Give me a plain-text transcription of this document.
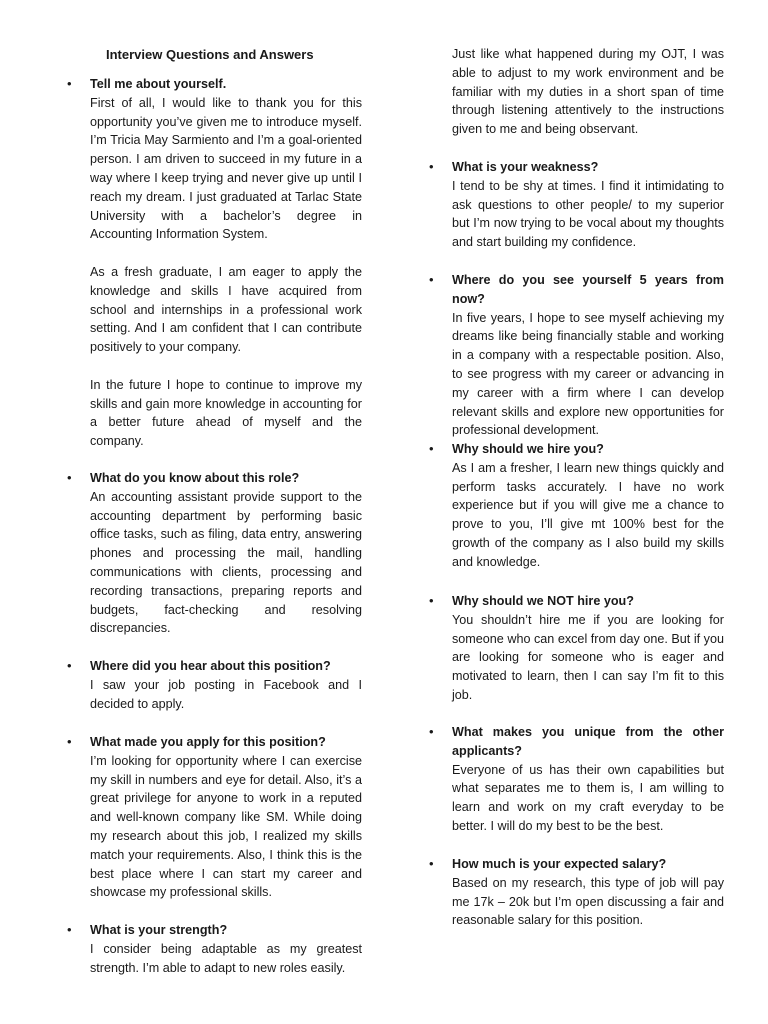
Interview Questions and Answers
• Tell me about yourself.
First of all, I would like to thank you for this opportunity you’ve given me to introduce myself. I’m Tricia May Sarmiento and I’m a goal-oriented person. I am driven to succeed in my future in a way where I keep trying and never give up until I reach my dream. I just graduated at Tarlac State University with a bachelor’s degree in Accounting Information System.
As a fresh graduate, I am eager to apply the knowledge and skills I have acquired from school and internships in a professional work setting. And I am confident that I can contribute positively to your company.
In the future I hope to continue to improve my skills and gain more knowledge in accounting for a better future ahead of myself and the company.
• What do you know about this role?
An accounting assistant provide support to the accounting department by performing basic office tasks, such as filing, data entry, answering phones and processing the mail, handling communications with clients, processing and recording transactions, preparing reports and budgets, fact-checking and resolving discrepancies.
• Where did you hear about this position?
I saw your job posting in Facebook and I decided to apply.
• What made you apply for this position?
I’m looking for opportunity where I can exercise my skill in numbers and eye for detail. Also, it’s a great privilege for anyone to work in a reputed and well-known company like SM. While doing my research about this job, I realized my skills match your requirements. Also, I think this is the best place where I can start my career and showcase my professional skills.
• What is your strength?
I consider being adaptable as my greatest strength. I’m able to adapt to new roles easily.
Just like what happened during my OJT, I was able to adjust to my work environment and be familiar with my duties in a short span of time through listening attentively to the instructions given to me and being observant.
• What is your weakness?
I tend to be shy at times. I find it intimidating to ask questions to other people/ to my superior but I’m now trying to be vocal about my thoughts and start building my confidence.
• Where do you see yourself 5 years from now?
In five years, I hope to see myself achieving my dreams like being financially stable and working in a company with a respectable position. Also, to see progress with my career or advancing in my career with a firm where I can develop relevant skills and explore new opportunities for professional development.
• Why should we hire you?
As I am a fresher, I learn new things quickly and perform tasks accurately. I have no work experience but if you will give me a chance to prove to you, I’ll give mt 100% best for the growth of the company as I also build my skills and knowledge.
• Why should we NOT hire you?
You shouldn’t hire me if you are looking for someone who can excel from day one. But if you are looking for someone who is eager and motivated to learn, then I can say I’m fit to this job.
• What makes you unique from the other applicants?
Everyone of us has their own capabilities but what separates me to them is, I am willing to learn and work on my craft everyday to be better. I will do my best to be the best.
• How much is your expected salary?
Based on my research, this type of job will pay me 17k – 20k but I’m open discussing a fair and reasonable salary for this position.
